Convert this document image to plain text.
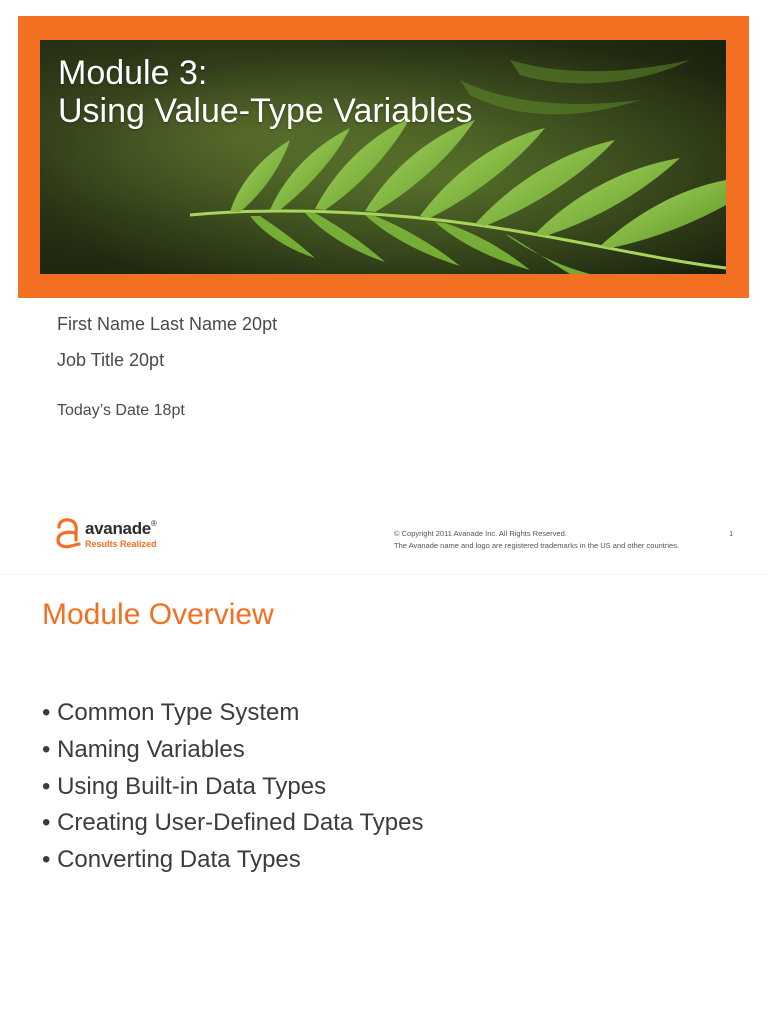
Module 3:
Using Value-Type Variables
First Name Last Name 20pt
Job Title 20pt
Today’s Date 18pt
avanade®
Results Realized
© Copyright 2011 Avanade Inc. All Rights Reserved.
The Avanade name and logo are registered trademarks in the US and other countries.
1
Module Overview
• Common Type System
• Naming Variables
• Using Built-in Data Types
• Creating User-Defined Data Types
• Converting Data Types
